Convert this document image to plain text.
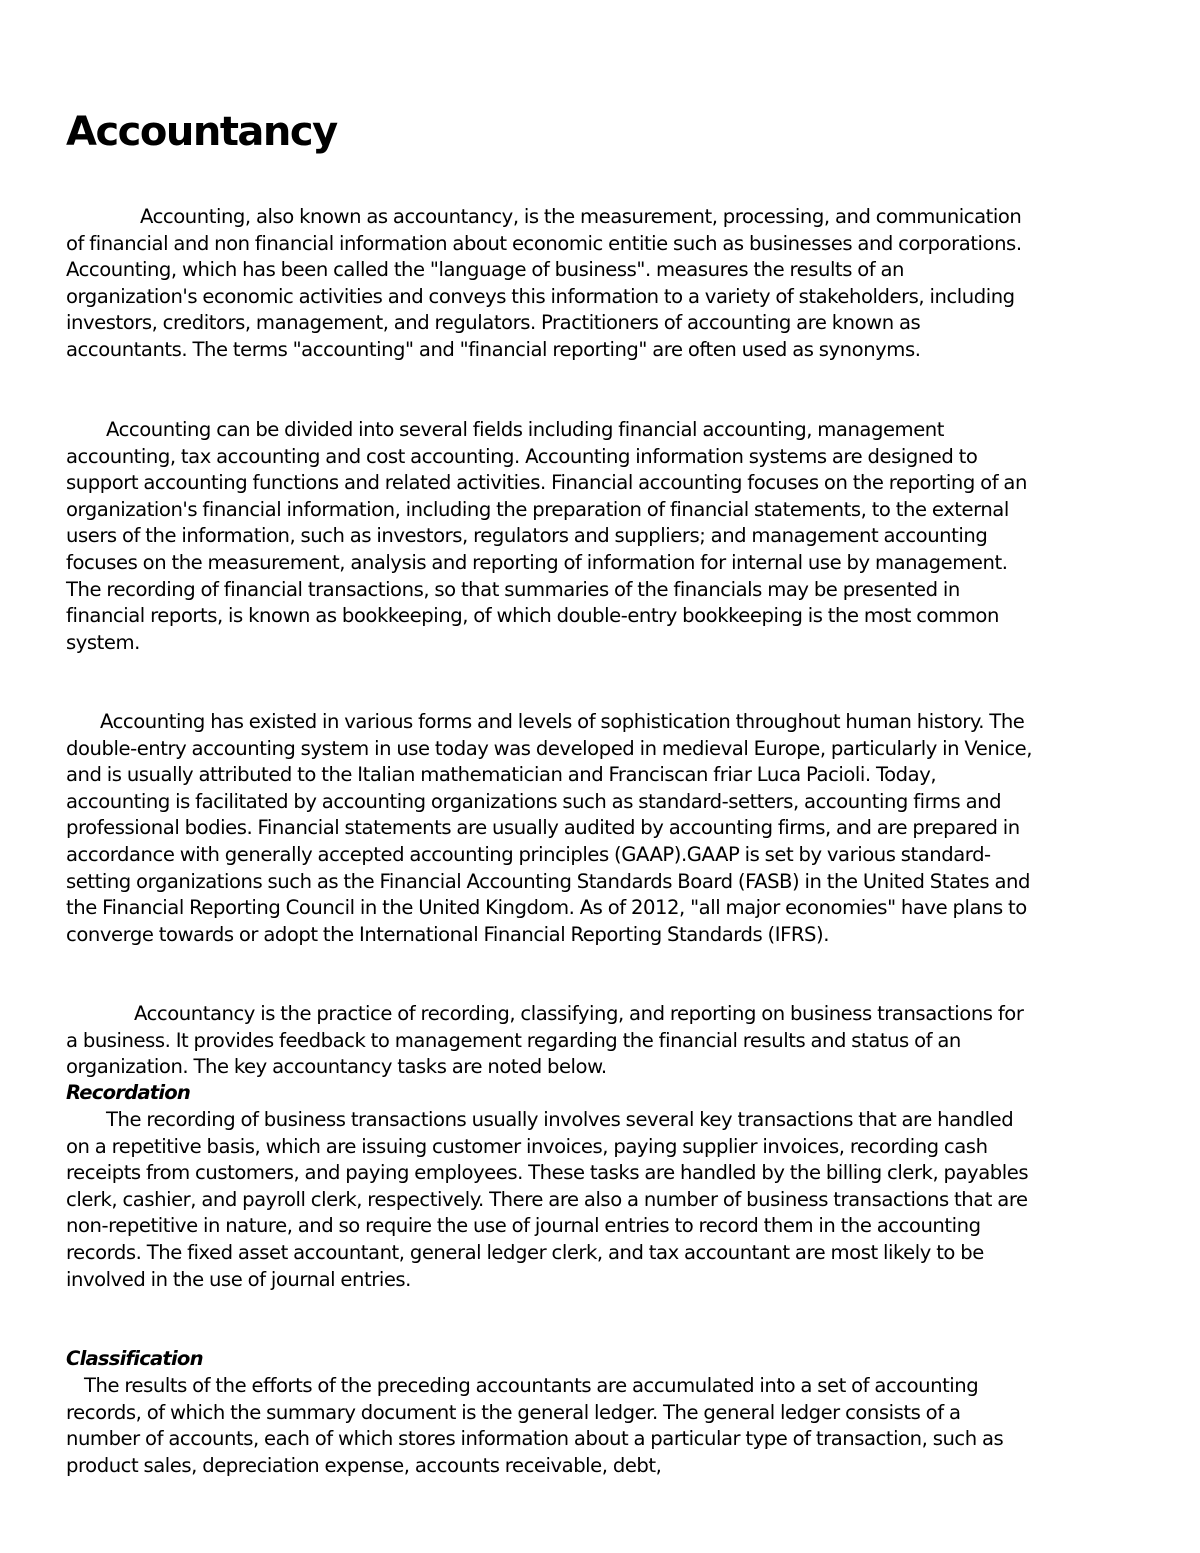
Accountancy

Accounting, also known as accountancy, is the measurement, processing, and communication of financial and non financial information about economic entitie such as businesses and corporations. Accounting, which has been called the "language of business". measures the results of an organization's economic activities and conveys this information to a variety of stakeholders, including investors, creditors, management, and regulators. Practitioners of accounting are known as accountants. The terms "accounting" and "financial reporting" are often used as synonyms.

Accounting can be divided into several fields including financial accounting, management accounting, tax accounting and cost accounting. Accounting information systems are designed to support accounting functions and related activities. Financial accounting focuses on the reporting of an organization's financial information, including the preparation of financial statements, to the external users of the information, such as investors, regulators and suppliers; and management accounting focuses on the measurement, analysis and reporting of information for internal use by management. The recording of financial transactions, so that summaries of the financials may be presented in financial reports, is known as bookkeeping, of which double-entry bookkeeping is the most common system.

Accounting has existed in various forms and levels of sophistication throughout human history. The double-entry accounting system in use today was developed in medieval Europe, particularly in Venice, and is usually attributed to the Italian mathematician and Franciscan friar Luca Pacioli. Today, accounting is facilitated by accounting organizations such as standard-setters, accounting firms and professional bodies. Financial statements are usually audited by accounting firms, and are prepared in accordance with generally accepted accounting principles (GAAP).GAAP is set by various standard-setting organizations such as the Financial Accounting Standards Board (FASB) in the United States and the Financial Reporting Council in the United Kingdom. As of 2012, "all major economies" have plans to converge towards or adopt the International Financial Reporting Standards (IFRS).

Accountancy is the practice of recording, classifying, and reporting on business transactions for a business. It provides feedback to management regarding the financial results and status of an organization. The key accountancy tasks are noted below.

Recordation

The recording of business transactions usually involves several key transactions that are handled on a repetitive basis, which are issuing customer invoices, paying supplier invoices, recording cash receipts from customers, and paying employees. These tasks are handled by the billing clerk, payables clerk, cashier, and payroll clerk, respectively. There are also a number of business transactions that are non-repetitive in nature, and so require the use of journal entries to record them in the accounting records. The fixed asset accountant, general ledger clerk, and tax accountant are most likely to be involved in the use of journal entries.

Classification

The results of the efforts of the preceding accountants are accumulated into a set of accounting records, of which the summary document is the general ledger. The general ledger consists of a number of accounts, each of which stores information about a particular type of transaction, such as product sales, depreciation expense, accounts receivable, debt,
